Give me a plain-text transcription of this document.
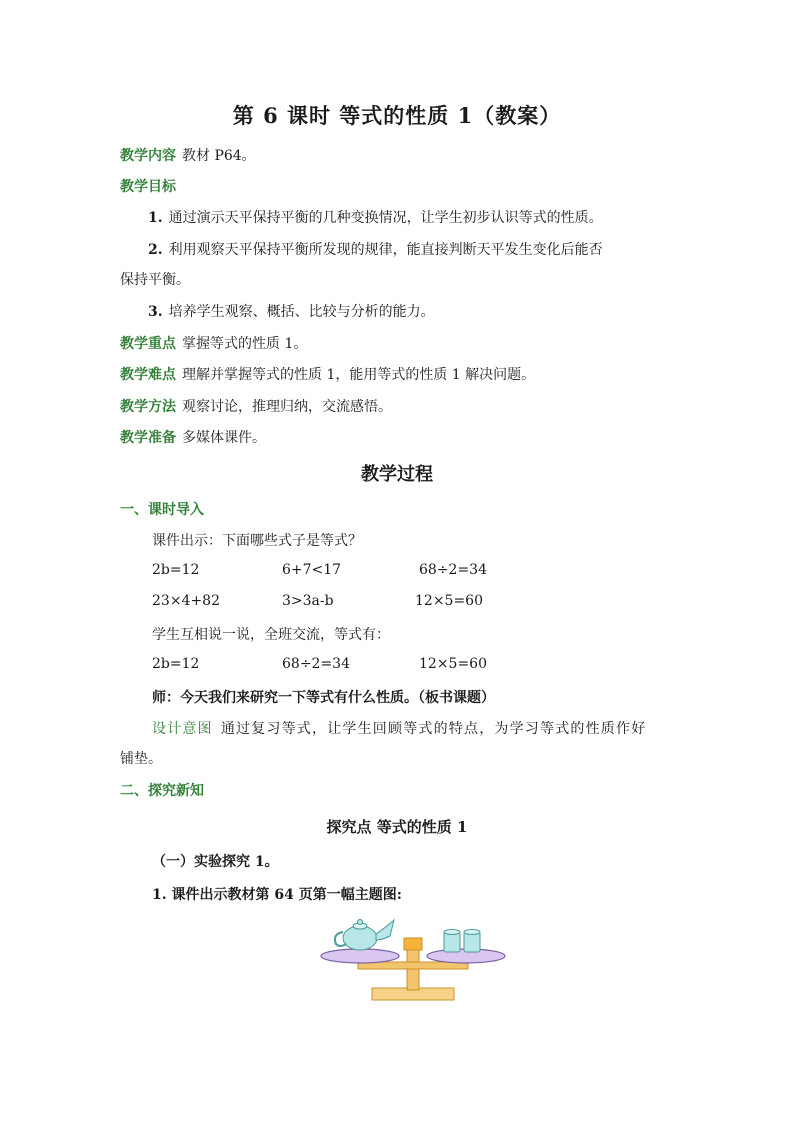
第 6 课时 等式的性质 1（教案）
教学内容 教材 P64。
教学目标
1. 通过演示天平保持平衡的几种变换情况，让学生初步认识等式的性质。
2. 利用观察天平保持平衡所发现的规律，能直接判断天平发生变化后能否
保持平衡。
3. 培养学生观察、概括、比较与分析的能力。
教学重点 掌握等式的性质 1。
教学难点 理解并掌握等式的性质 1，能用等式的性质 1 解决问题。
教学方法 观察讨论，推理归纳，交流感悟。
教学准备 多媒体课件。
教学过程
一、课时导入
课件出示：下面哪些式子是等式？
2b=12	6+7<17	68÷2=34
23×4+82	3>3a-b	12×5=60
学生互相说一说，全班交流，等式有：
2b=12	68÷2=34	12×5=60
师：今天我们来研究一下等式有什么性质。（板书课题）
设计意图 通过复习等式，让学生回顾等式的特点，为学习等式的性质作好
铺垫。
二、探究新知
探究点 等式的性质 1
（一）实验探究 1。
1. 课件出示教材第 64 页第一幅主题图:
